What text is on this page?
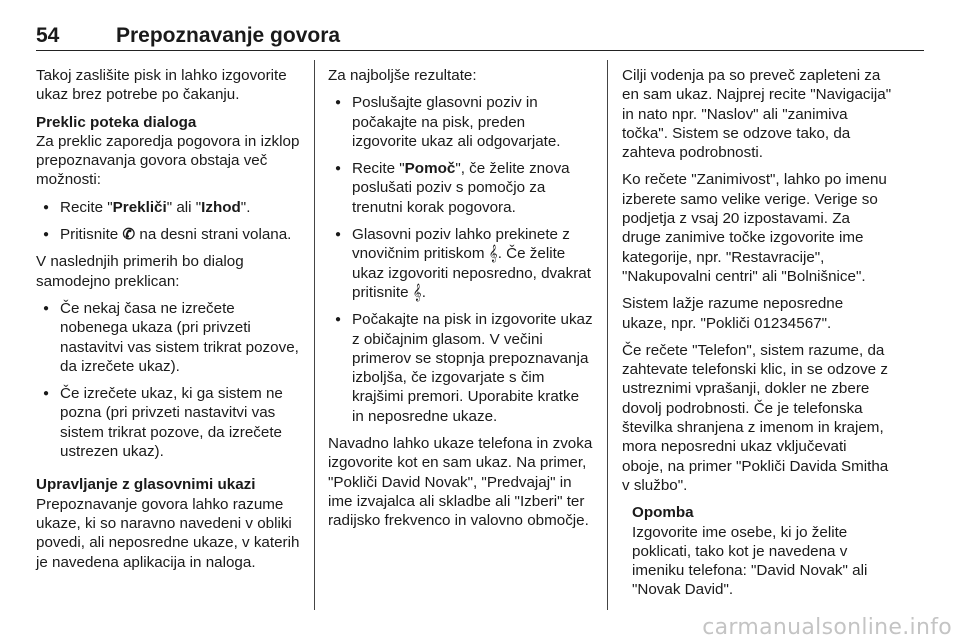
54	Prepoznavanje govora

Takoj zaslišite pisk in lahko izgovorite ukaz brez potrebe po čakanju.

Preklic poteka dialoga
Za preklic zaporedja pogovora in izklop prepoznavanja govora obstaja več možnosti:

● Recite "Prekliči" ali "Izhod".
● Pritisnite ✆ na desni strani volana.

V naslednjih primerih bo dialog samodejno preklican:

● Če nekaj časa ne izrečete nobenega ukaza (pri privzeti nastavitvi vas sistem trikrat pozove, da izrečete ukaz).
● Če izrečete ukaz, ki ga sistem ne pozna (pri privzeti nastavitvi vas sistem trikrat pozove, da izrečete ustrezen ukaz).

Upravljanje z glasovnimi ukazi
Prepoznavanje govora lahko razume ukaze, ki so naravno navedeni v obliki povedi, ali neposredne ukaze, v katerih je navedena aplikacija in naloga.

Za najboljše rezultate:

● Poslušajte glasovni poziv in počakajte na pisk, preden izgovorite ukaz ali odgovarjate.
● Recite "Pomoč", če želite znova poslušati poziv s pomočjo za trenutni korak pogovora.
● Glasovni poziv lahko prekinete z vnovičnim pritiskom 𝄞. Če želite ukaz izgovoriti neposredno, dvakrat pritisnite 𝄞.
● Počakajte na pisk in izgovorite ukaz z običajnim glasom. V večini primerov se stopnja prepoznavanja izboljša, če izgovarjate s čim krajšimi premori. Uporabite kratke in neposredne ukaze.

Navadno lahko ukaze telefona in zvoka izgovorite kot en sam ukaz. Na primer, "Pokliči David Novak", "Predvajaj" in ime izvajalca ali skladbe ali "Izberi" ter radijsko frekvenco in valovno območje.

Cilji vodenja pa so preveč zapleteni za en sam ukaz. Najprej recite "Navigacija" in nato npr. "Naslov" ali "zanimiva točka". Sistem se odzove tako, da zahteva podrobnosti.

Ko rečete "Zanimivost", lahko po imenu izberete samo velike verige. Verige so podjetja z vsaj 20 izpostavami. Za druge zanimive točke izgovorite ime kategorije, npr. "Restavracije", "Nakupovalni centri" ali "Bolnišnice".

Sistem lažje razume neposredne ukaze, npr. "Pokliči 01234567".

Če rečete "Telefon", sistem razume, da zahtevate telefonski klic, in se odzove z ustreznimi vprašanji, dokler ne zbere dovolj podrobnosti. Če je telefonska številka shranjena z imenom in krajem, mora neposredni ukaz vključevati oboje, na primer "Pokliči Davida Smitha v službo".

Opomba
Izgovorite ime osebe, ki jo želite poklicati, tako kot je navedena v imeniku telefona: "David Novak" ali "Novak David".
carmanualsonline.info
